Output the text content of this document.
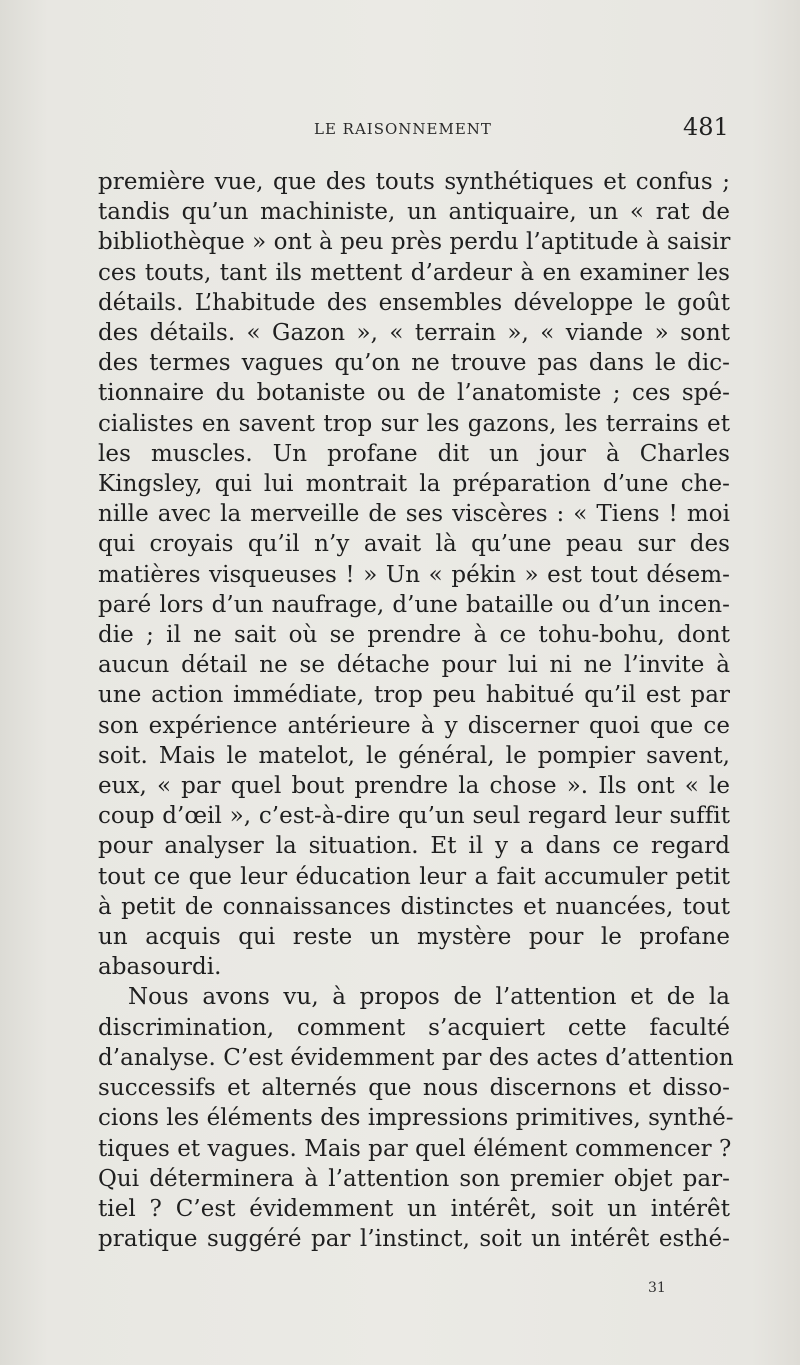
LE RAISONNEMENT	481
première vue, que des touts synthétiques et confus ;
tandis qu’un machiniste, un antiquaire, un « rat de
bibliothèque » ont à peu près perdu l’aptitude à saisir
ces touts, tant ils mettent d’ardeur à en examiner les
détails. L’habitude des ensembles développe le goût
des détails. « Gazon », « terrain », « viande » sont
des termes vagues qu’on ne trouve pas dans le dic-
tionnaire du botaniste ou de l’anatomiste ; ces spé-
cialistes en savent trop sur les gazons, les terrains et
les muscles. Un profane dit un jour à Charles
Kingsley, qui lui montrait la préparation d’une che-
nille avec la merveille de ses viscères : « Tiens ! moi
qui croyais qu’il n’y avait là qu’une peau sur des
matières visqueuses ! » Un « pékin » est tout désem-
paré lors d’un naufrage, d’une bataille ou d’un incen-
die ; il ne sait où se prendre à ce tohu-bohu, dont
aucun détail ne se détache pour lui ni ne l’invite à
une action immédiate, trop peu habitué qu’il est par
son expérience antérieure à y discerner quoi que ce
soit. Mais le matelot, le général, le pompier savent,
eux, « par quel bout prendre la chose ». Ils ont « le
coup d’œil », c’est-à-dire qu’un seul regard leur suffit
pour analyser la situation. Et il y a dans ce regard
tout ce que leur éducation leur a fait accumuler petit
à petit de connaissances distinctes et nuancées, tout
un acquis qui reste un mystère pour le profane
abasourdi.
Nous avons vu, à propos de l’attention et de la
discrimination, comment s’acquiert cette faculté
d’analyse. C’est évidemment par des actes d’attention
successifs et alternés que nous discernons et disso-
cions les éléments des impressions primitives, synthé-
tiques et vagues. Mais par quel élément commencer ?
Qui déterminera à l’attention son premier objet par-
tiel ? C’est évidemment un intérêt, soit un intérêt
pratique suggéré par l’instinct, soit un intérêt esthé-
31
